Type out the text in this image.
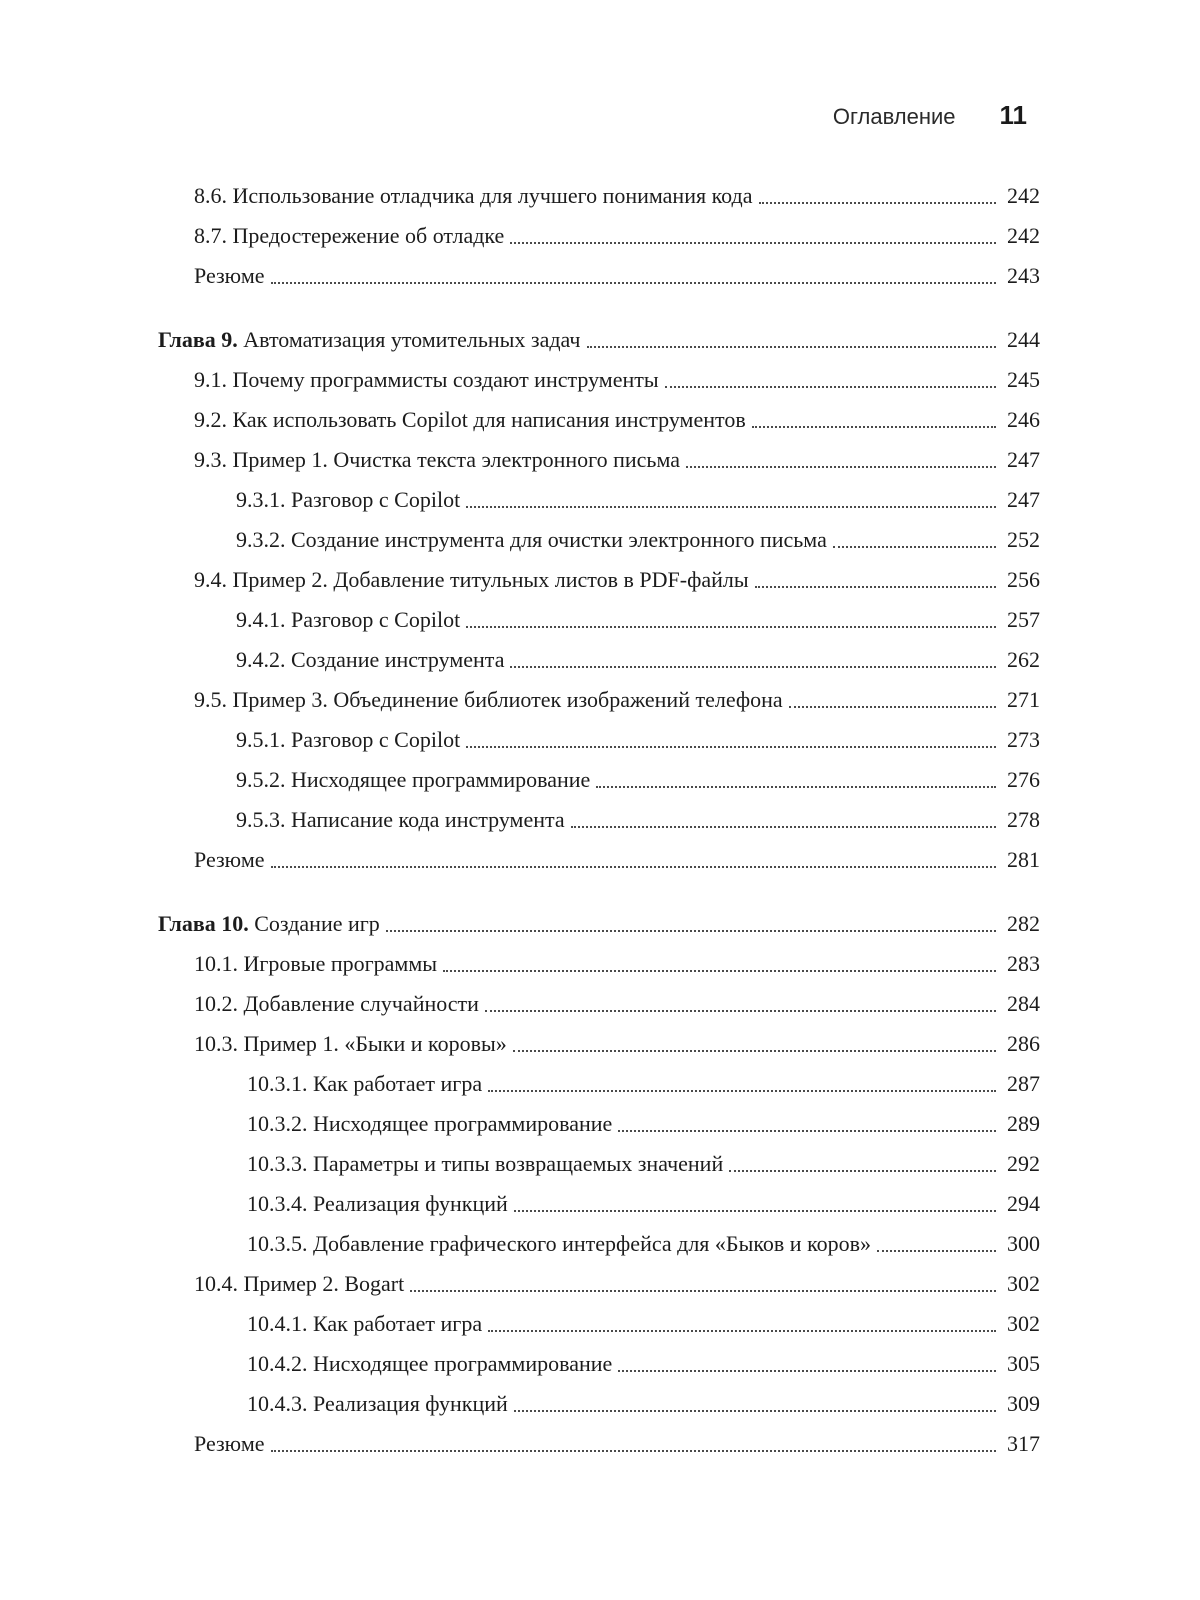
Оглавление 11
8.6. Использование отладчика для лучшего понимания кода	242
8.7. Предостережение об отладке	242
Резюме	243
Глава 9. Автоматизация утомительных задач	244
9.1. Почему программисты создают инструменты	245
9.2. Как использовать Copilot для написания инструментов	246
9.3. Пример 1. Очистка текста электронного письма	247
9.3.1. Разговор с Copilot	247
9.3.2. Создание инструмента для очистки электронного письма	252
9.4. Пример 2. Добавление титульных листов в PDF-файлы	256
9.4.1. Разговор с Copilot	257
9.4.2. Создание инструмента	262
9.5. Пример 3. Объединение библиотек изображений телефона	271
9.5.1. Разговор с Copilot	273
9.5.2. Нисходящее программирование	276
9.5.3. Написание кода инструмента	278
Резюме	281
Глава 10. Создание игр	282
10.1. Игровые программы	283
10.2. Добавление случайности	284
10.3. Пример 1. «Быки и коровы»	286
10.3.1. Как работает игра	287
10.3.2. Нисходящее программирование	289
10.3.3. Параметры и типы возвращаемых значений	292
10.3.4. Реализация функций	294
10.3.5. Добавление графического интерфейса для «Быков и коров»	300
10.4. Пример 2. Bogart	302
10.4.1. Как работает игра	302
10.4.2. Нисходящее программирование	305
10.4.3. Реализация функций	309
Резюме	317
